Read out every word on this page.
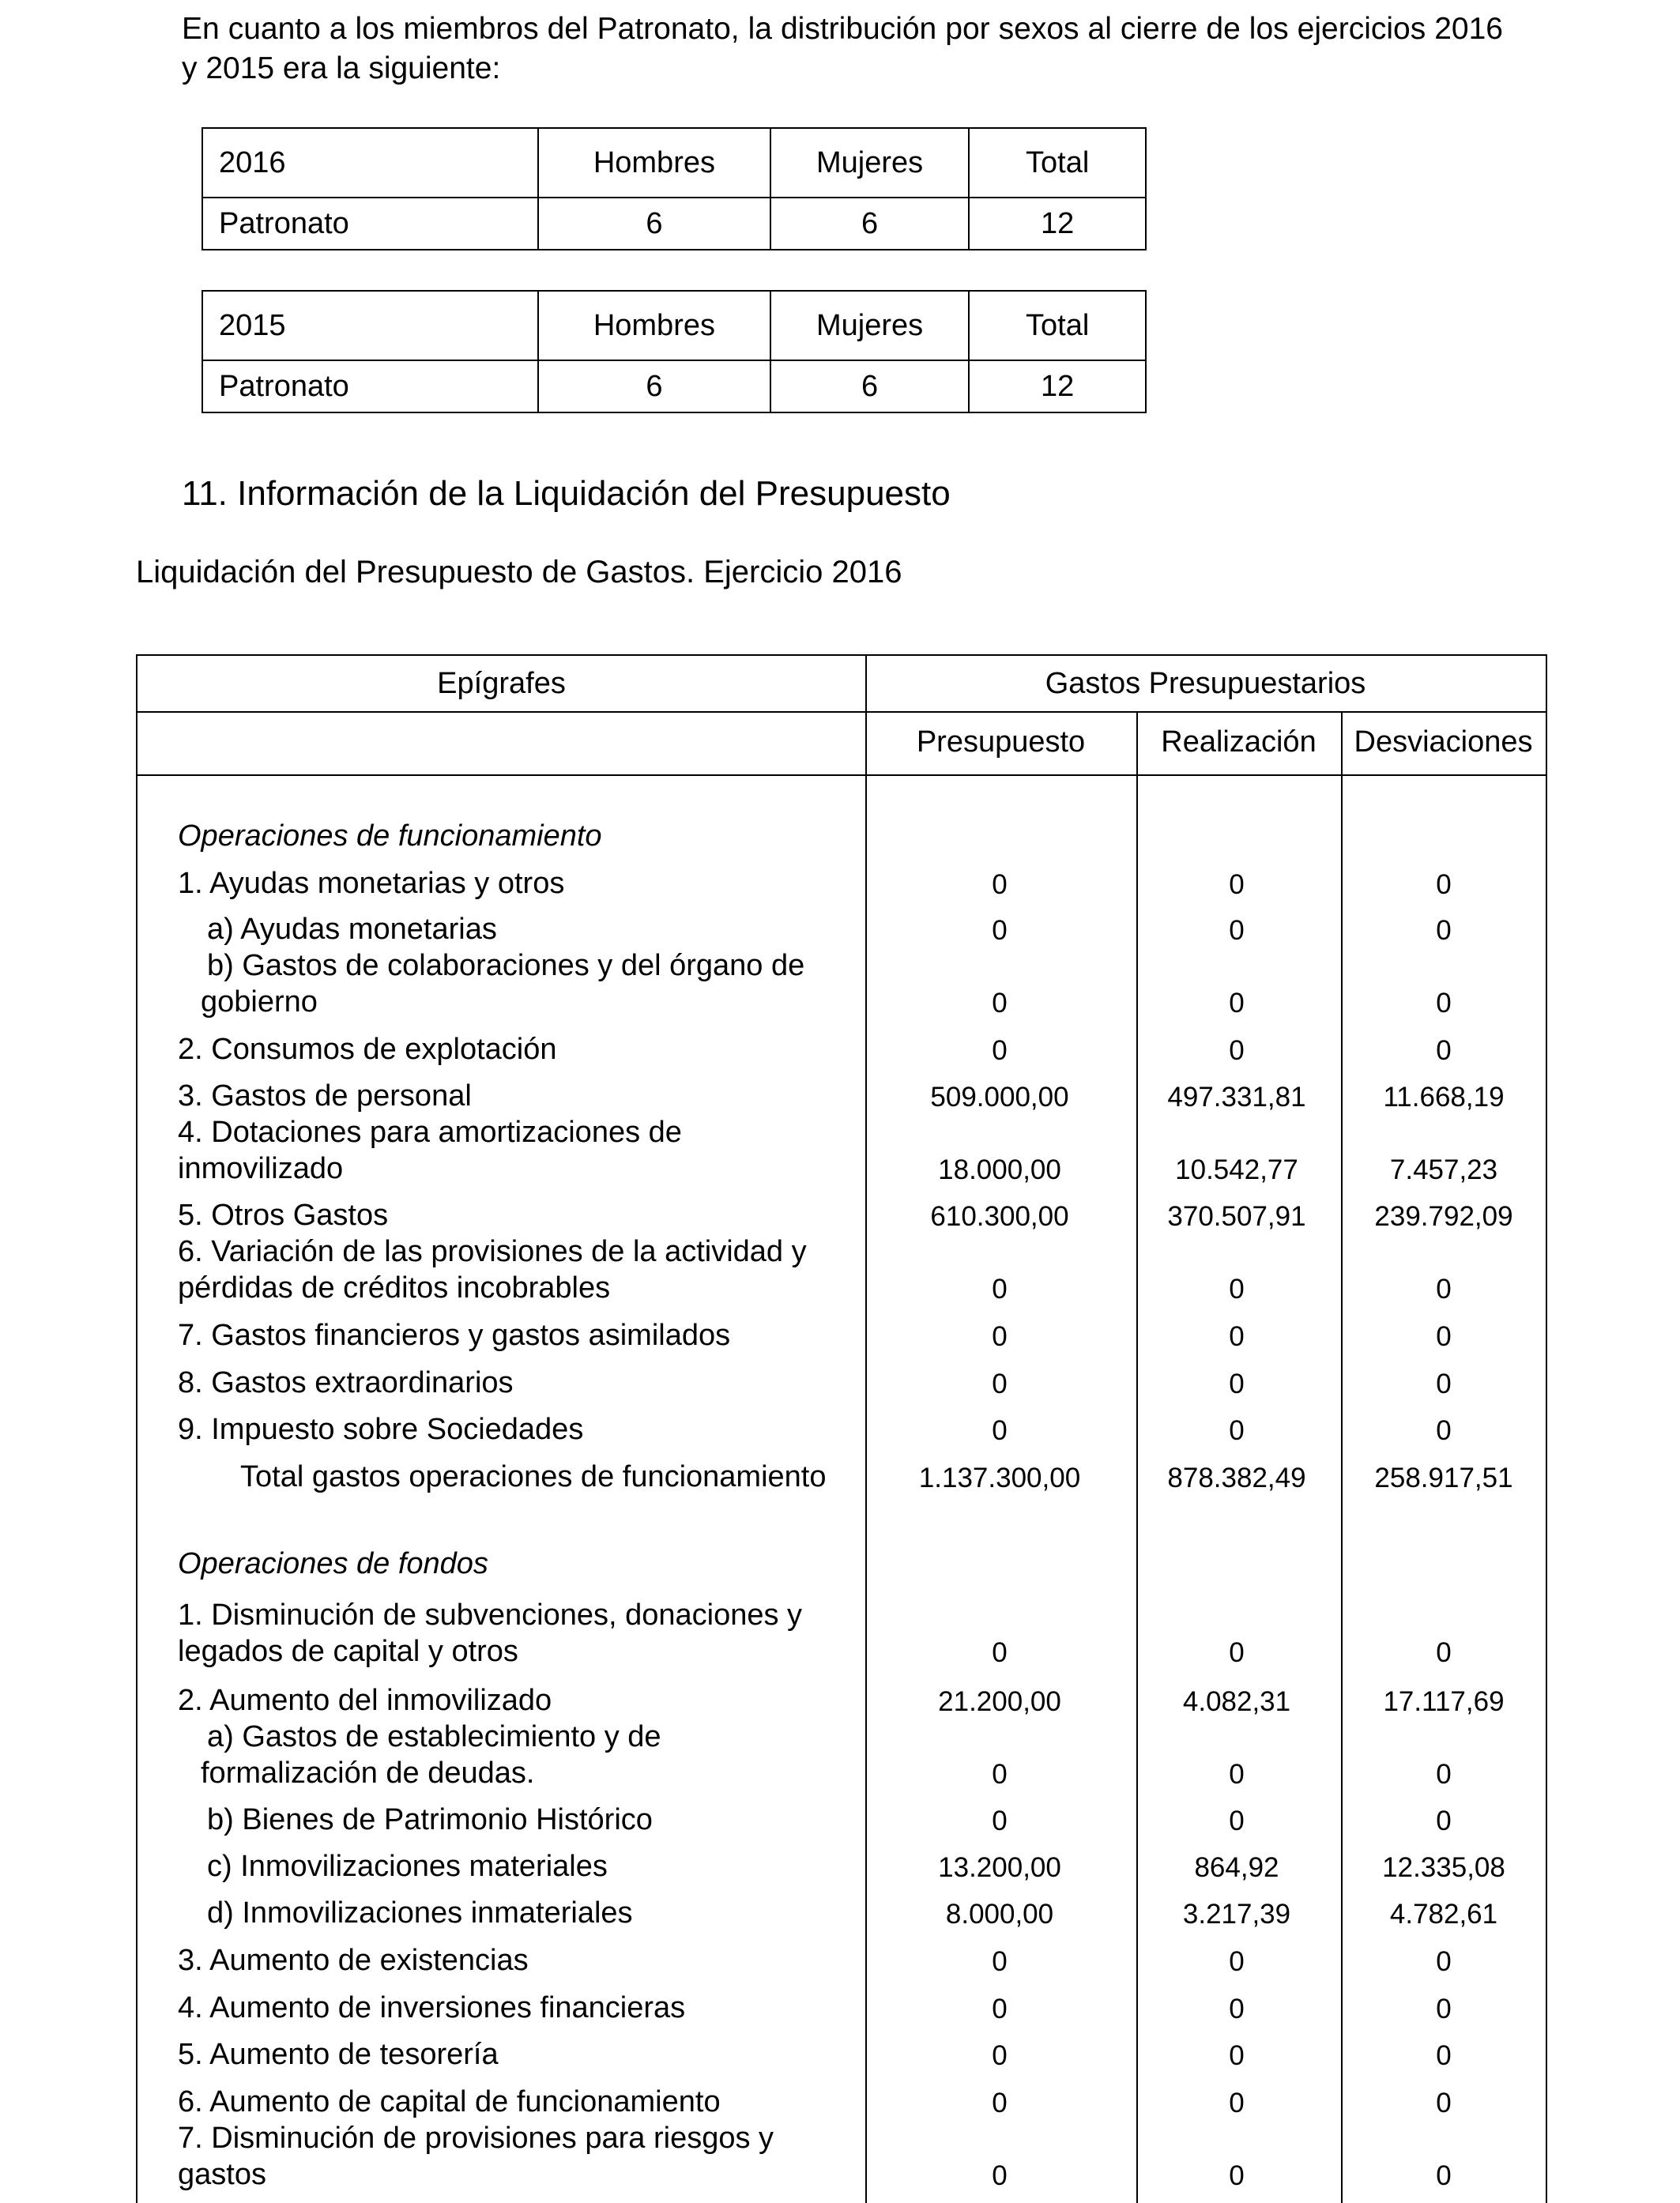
En cuanto a los miembros del Patronato, la distribución por sexos al cierre de los ejercicios 2016 y 2015 era la siguiente:

2016	Hombres	Mujeres	Total
Patronato	6	6	12
2015	Hombres	Mujeres	Total
Patronato	6	6	12
11. Información de la Liquidación del Presupuesto

Liquidación del Presupuesto de Gastos. Ejercicio 2016

Epígrafes	Gastos Presupuestarios
Presupuesto	Realización	Desviaciones
Operaciones de funcionamiento
1. Ayudas monetarias y otros	0	0	0
a) Ayudas monetarias	0	0	0
b) Gastos de colaboraciones y del órgano de
gobierno	0	0	0
2. Consumos de explotación	0	0	0
3. Gastos de personal	509.000,00	497.331,81	11.668,19
4. Dotaciones para amortizaciones de
inmovilizado	18.000,00	10.542,77	7.457,23
5. Otros Gastos	610.300,00	370.507,91	239.792,09
6. Variación de las provisiones de la actividad y
pérdidas de créditos incobrables	0	0	0
7. Gastos financieros y gastos asimilados	0	0	0
8. Gastos extraordinarios	0	0	0
9. Impuesto sobre Sociedades	0	0	0
Total gastos operaciones de funcionamiento	1.137.300,00	878.382,49	258.917,51
Operaciones de fondos
1. Disminución de subvenciones, donaciones y
legados de capital y otros	0	0	0
2. Aumento del inmovilizado	21.200,00	4.082,31	17.117,69
a) Gastos de establecimiento y de
formalización de deudas.	0	0	0
b) Bienes de Patrimonio Histórico	0	0	0
c) Inmovilizaciones materiales	13.200,00	864,92	12.335,08
d) Inmovilizaciones inmateriales	8.000,00	3.217,39	4.782,61
3. Aumento de existencias	0	0	0
4. Aumento de inversiones financieras	0	0	0
5. Aumento de tesorería	0	0	0
6. Aumento de capital de funcionamiento	0	0	0
7. Disminución de provisiones para riesgos y
gastos	0	0	0
